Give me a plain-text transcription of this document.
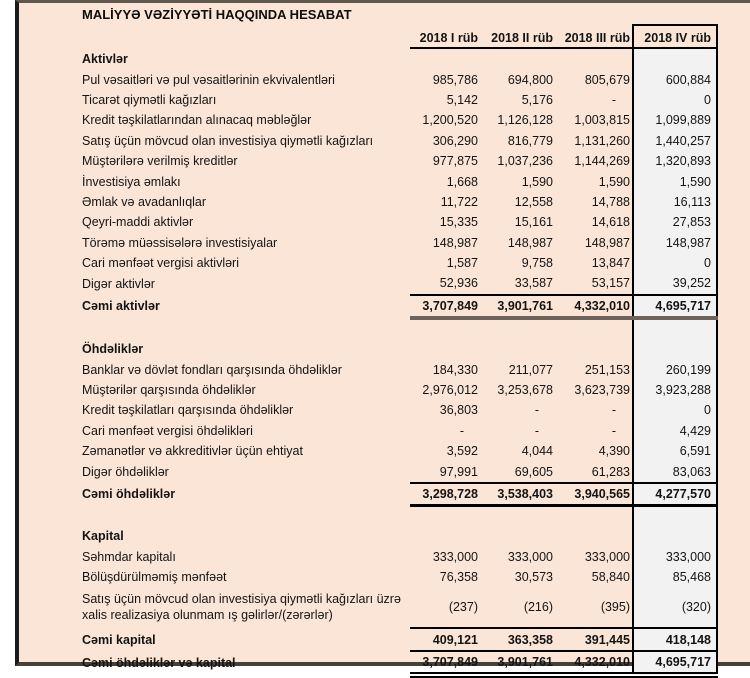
MALİYYƏ VƏZİYYƏTİ HAQQINDA HESABAT
	2018 I rüb	2018 II rüb	2018 III rüb	2018 IV rüb
Aktivlər				
Pul vəsaitləri və pul vəsaitlərinin ekvivalentləri	985,786	694,800	805,679	600,884
Ticarət qiymətli kağızları	5,142	5,176	-	0
Kredit təşkilatlarından alınacaq məbləğlər	1,200,520	1,126,128	1,003,815	1,099,889
Satış üçün mövcud olan investisiya qiymətli kağızları	306,290	816,779	1,131,260	1,440,257
Müştərilərə verilmiş kreditlər	977,875	1,037,236	1,144,269	1,320,893
İnvestisiya əmlakı	1,668	1,590	1,590	1,590
Əmlak və avadanlıqlar	11,722	12,558	14,788	16,113
Qeyri-maddi aktivlər	15,335	15,161	14,618	27,853
Törəmə müəssisələrə investisiyalar	148,987	148,987	148,987	148,987
Cari mənfəət vergisi aktivləri	1,587	9,758	13,847	0
Digər aktivlər	52,936	33,587	53,157	39,252
Cəmi aktivlər	3,707,849	3,901,761	4,332,010	4,695,717

Öhdəliklər				
Banklar və dövlət fondları qarşısında öhdəliklər	184,330	211,077	251,153	260,199
Müştərilər qarşısında öhdəliklər	2,976,012	3,253,678	3,623,739	3,923,288
Kredit təşkilatları qarşısında öhdəliklər	36,803	-	-	0
Cari mənfəət vergisi öhdəlikləri	-	-	-	4,429
Zəmanətlər və akkreditivlər üçün ehtiyat	3,592	4,044	4,390	6,591
Digər öhdəliklər	97,991	69,605	61,283	83,063
Cəmi öhdəliklər	3,298,728	3,538,403	3,940,565	4,277,570

Kapital				
Səhmdar kapitalı	333,000	333,000	333,000	333,000
Bölüşdürülməmiş mənfəət	76,358	30,573	58,840	85,468
Satış üçün mövcud olan investisiya qiymətli kağızları üzrə xalis realizasiya olunmam ış gəlirlər/(zərərlər)	(237)	(216)	(395)	(320)
Cəmi kapital	409,121	363,358	391,445	418,148
Cəmi öhdəliklər və kapital	3,707,849	3,901,761	4,332,010	4,695,717
